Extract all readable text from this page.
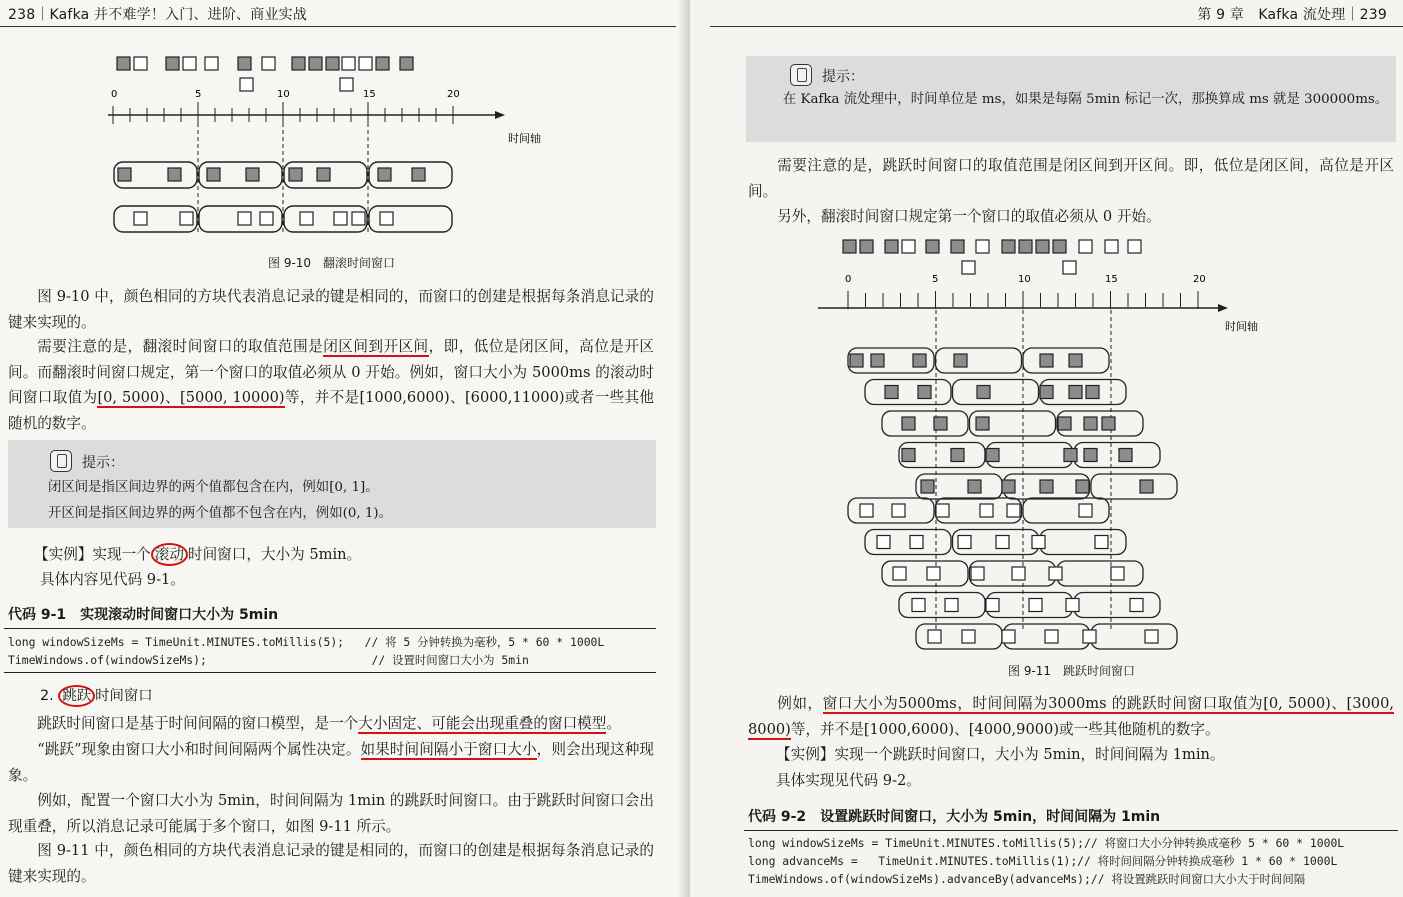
238｜Kafka 并不难学！入门、进阶、商业实战
时间轴
0	5	10	15	20
图 9-10　翻滚时间窗口
图 9-10 中，颜色相同的方块代表消息记录的键是相同的，而窗口的创建是根据每条消息记录的键来实现的。
需要注意的是，翻滚时间窗口的取值范围是闭区间到开区间，即，低位是闭区间，高位是开区间。而翻滚时间窗口规定，第一个窗口的取值必须从 0 开始。例如，窗口大小为 5000ms 的滚动时间窗口取值为[0, 5000)、[5000, 10000)等，并不是[1000,6000)、[6000,11000)或者一些其他随机的数字。
提示：
闭区间是指区间边界的两个值都包含在内，例如[0, 1]。
开区间是指区间边界的两个值都不包含在内，例如(0, 1)。
【实例】实现一个 滚动 时间窗口，大小为 5min。
具体内容见代码 9-1。
代码 9-1　实现滚动时间窗口大小为 5min
long windowSizeMs = TimeUnit.MINUTES.toMillis(5);   // 将 5 分钟转换为毫秒，5 * 60 * 1000L
TimeWindows.of(windowSizeMs);                        // 设置时间窗口大小为 5min
2. 跳跃 时间窗口
跳跃时间窗口是基于时间间隔的窗口模型，是一个大小固定、可能会出现重叠的窗口模型。
“跳跃”现象由窗口大小和时间间隔两个属性决定。如果时间间隔小于窗口大小，则会出现这种现象。
例如，配置一个窗口大小为 5min，时间间隔为 1min 的跳跃时间窗口。由于跳跃时间窗口会出现重叠，所以消息记录可能属于多个窗口，如图 9-11 所示。
图 9-11 中，颜色相同的方块代表消息记录的键是相同的，而窗口的创建是根据每条消息记录的键来实现的。
第 9 章　Kafka 流处理｜239
提示：
在 Kafka 流处理中，时间单位是 ms，如果是每隔 5min 标记一次，那换算成 ms 就是 300000ms。
需要注意的是，跳跃时间窗口的取值范围是闭区间到开区间。即，低位是闭区间，高位是开区间。
另外，翻滚时间窗口规定第一个窗口的取值必须从 0 开始。
时间轴
0	5	10	15	20
图 9-11　跳跃时间窗口
例如，窗口大小为5000ms，时间间隔为3000ms 的跳跃时间窗口取值为[0, 5000)、[3000, 8000)等，并不是[1000,6000)、[4000,9000)或一些其他随机的数字。
【实例】实现一个跳跃时间窗口，大小为 5min，时间间隔为 1min。
具体实现见代码 9-2。
代码 9-2　设置跳跃时间窗口，大小为 5min，时间间隔为 1min
long windowSizeMs = TimeUnit.MINUTES.toMillis(5);// 将窗口大小分钟转换成毫秒 5 * 60 * 1000L
long advanceMs =   TimeUnit.MINUTES.toMillis(1);// 将时间间隔分钟转换成毫秒 1 * 60 * 1000L
TimeWindows.of(windowSizeMs).advanceBy(advanceMs);// 将设置跳跃时间窗口大小大于时间间隔
